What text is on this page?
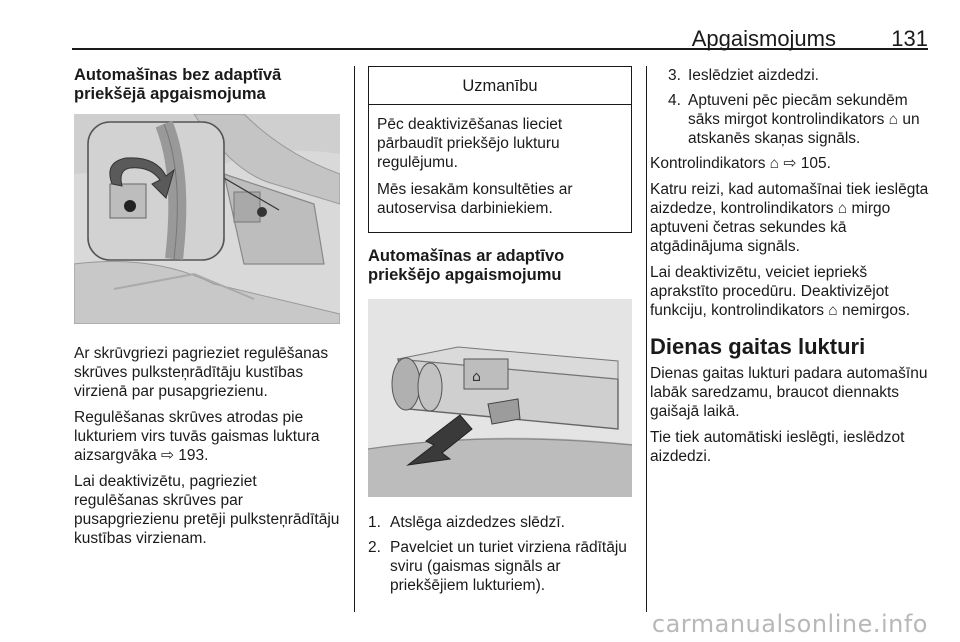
Apgaismojums	131
Automašīnas bez adaptīvā priekšējā apgaismojuma

Ar skrūvgriezi pagrieziet regulēšanas skrūves pulksteņrādītāju kustības virzienā par pusapgriezienu.

Regulēšanas skrūves atrodas pie lukturiem virs tuvās gaismas luktura aizsargvāka ⇨ 193.

Lai deaktivizētu, pagrieziet regulēšanas skrūves par pusapgriezienu pretēji pulksteņrādītāju kustības virzienam.

Uzmanību

Pēc deaktivizēšanas lieciet pārbaudīt priekšējo lukturu regulējumu.

Mēs iesakām konsultēties ar autoservisa darbiniekiem.

Automašīnas ar adaptīvo priekšējo apgaismojumu
⌂
1. Atslēga aizdedzes slēdzī.
2. Pavelciet un turiet virziena rādītāju sviru (gaismas signāls ar priekšējiem lukturiem).
3. Ieslēdziet aizdedzi.
4. Aptuveni pēc piecām sekundēm sāks mirgot kontrolindikators ⌂ un atskanēs skaņas signāls.

Kontrolindikators ⌂ ⇨ 105.

Katru reizi, kad automašīnai tiek ieslēgta aizdedze, kontrolindikators ⌂ mirgo aptuveni četras sekundes kā atgādinājuma signāls.

Lai deaktivizētu, veiciet iepriekš aprakstīto procedūru. Deaktivizējot funkciju, kontrolindikators ⌂ nemirgos.

Dienas gaitas lukturi

Dienas gaitas lukturi padara automašīnu labāk saredzamu, braucot diennakts gaišajā laikā.

Tie tiek automātiski ieslēgti, ieslēdzot aizdedzi.

carmanualsonline.info
